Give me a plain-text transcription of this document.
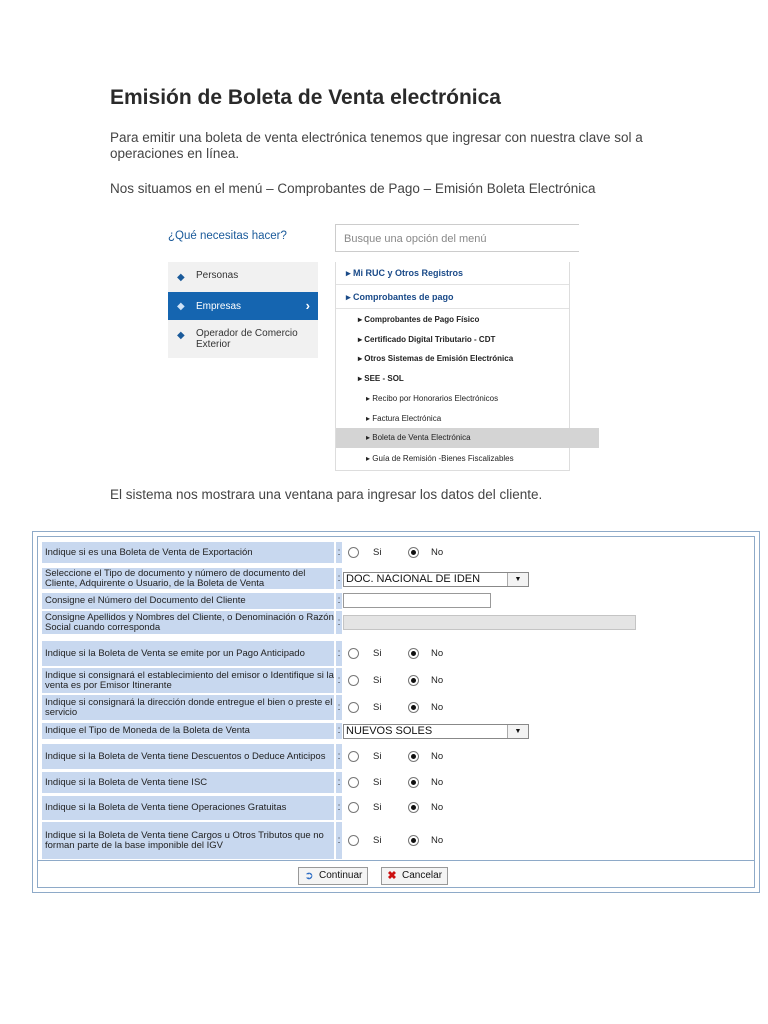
Emisión de Boleta de Venta electrónica

Para emitir una boleta de venta electrónica tenemos que ingresar con nuestra clave sol a operaciones en línea.

Nos situamos en el menú – Comprobantes de Pago – Emisión Boleta Electrónica

¿Qué necesitas hacer?	Busque una opción del menú
◆ Personas
◆ Empresas	›
◆ Operador de Comercio Exterior
▸ Mi RUC y Otros Registros
▸ Comprobantes de pago
▸ Comprobantes de Pago Físico
▸ Certificado Digital Tributario - CDT
▸ Otros Sistemas de Emisión Electrónica
▸ SEE - SOL
▸ Recibo por Honorarios Electrónicos
▸ Factura Electrónica
▸ Boleta de Venta Electrónica
▸ Guía de Remisión -Bienes Fiscalizables

El sistema nos mostrara una ventana para ingresar los datos del cliente.

Indique si es una Boleta de Venta de Exportación	:	Si	No
Seleccione el Tipo de documento y número de documento del Cliente, Adquirente o Usuario, de la Boleta de Venta	: DOC. NACIONAL DE IDEN	▼
Consigne el Número del Documento del Cliente	:
Consigne Apellidos y Nombres del Cliente, o Denominación o Razón Social cuando corresponda	:
Indique si la Boleta de Venta se emite por un Pago Anticipado	:	Si	No
Indique si consignará el establecimiento del emisor o Identifique si la venta es por Emisor Itinerante	:	Si	No
Indique si consignará la dirección donde entregue el bien o preste el servicio	:	Si	No
Indique el Tipo de Moneda de la Boleta de Venta	: NUEVOS SOLES	▼
Indique si la Boleta de Venta tiene Descuentos o Deduce Anticipos	:	Si	No
Indique si la Boleta de Venta tiene ISC	:	Si	No
Indique si la Boleta de Venta tiene Operaciones Gratuitas	:	Si	No
Indique si la Boleta de Venta tiene Cargos u Otros Tributos que no forman parte de la base imponible del IGV	:	Si	No
➲ Continuar	✖ Cancelar
